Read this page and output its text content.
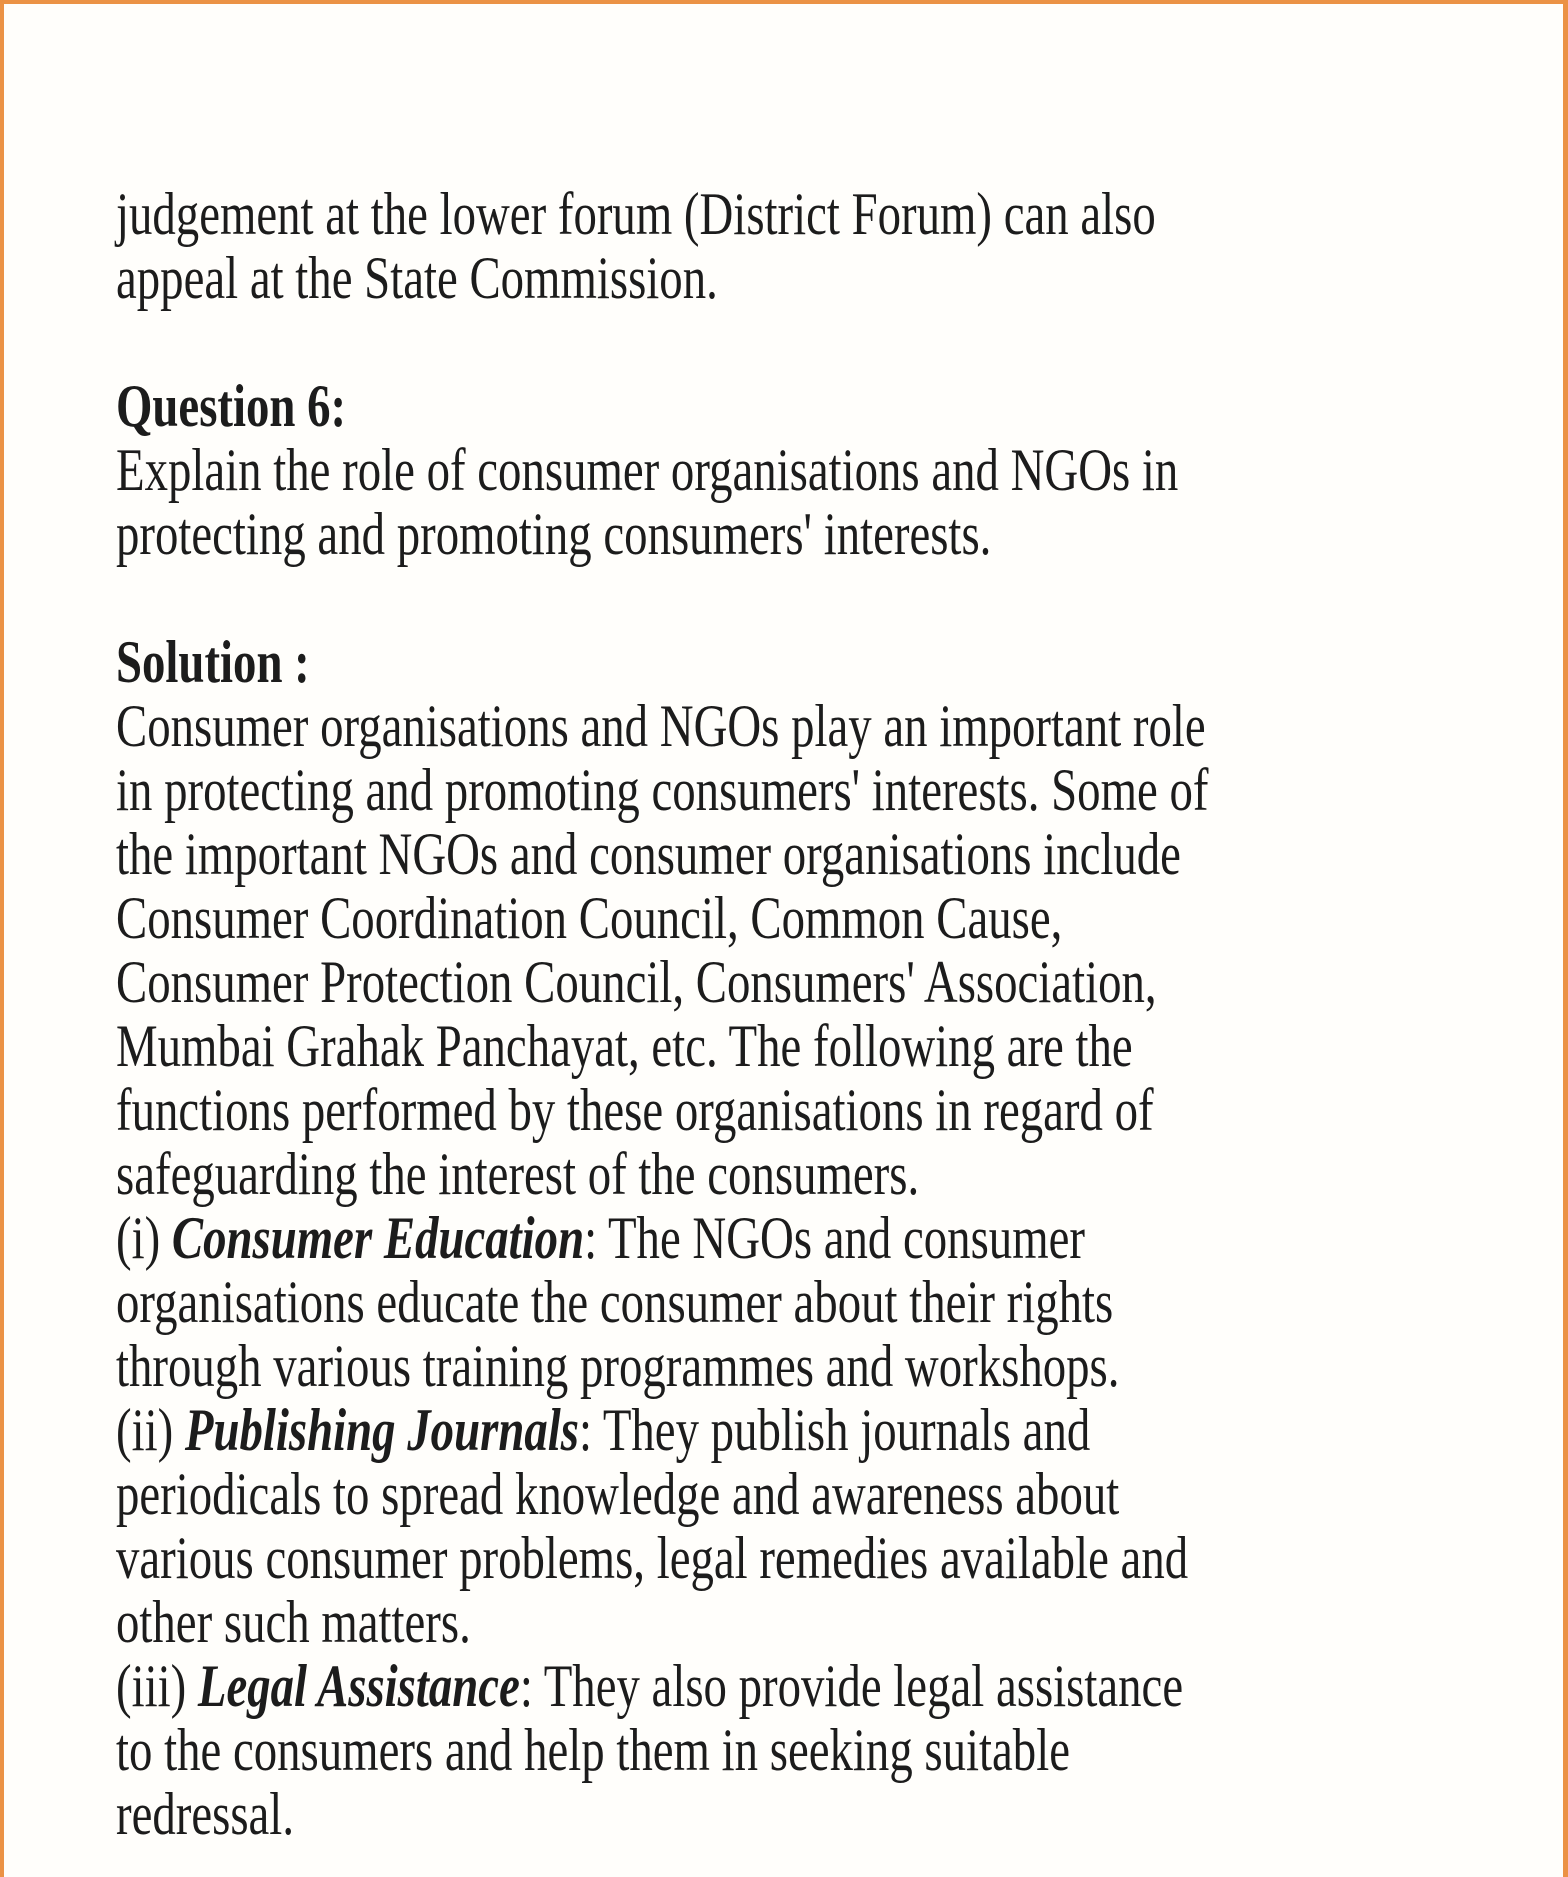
judgement at the lower forum (District Forum) can also
appeal at the State Commission.
Question 6:
Explain the role of consumer organisations and NGOs in
protecting and promoting consumers' interests.
Solution :
Consumer organisations and NGOs play an important role
in protecting and promoting consumers' interests. Some of
the important NGOs and consumer organisations include
Consumer Coordination Council, Common Cause,
Consumer Protection Council, Consumers' Association,
Mumbai Grahak Panchayat, etc. The following are the
functions performed by these organisations in regard of
safeguarding the interest of the consumers.
(i) Consumer Education: The NGOs and consumer
organisations educate the consumer about their rights
through various training programmes and workshops.
(ii) Publishing Journals: They publish journals and
periodicals to spread knowledge and awareness about
various consumer problems, legal remedies available and
other such matters.
(iii) Legal Assistance: They also provide legal assistance
to the consumers and help them in seeking suitable
redressal.
